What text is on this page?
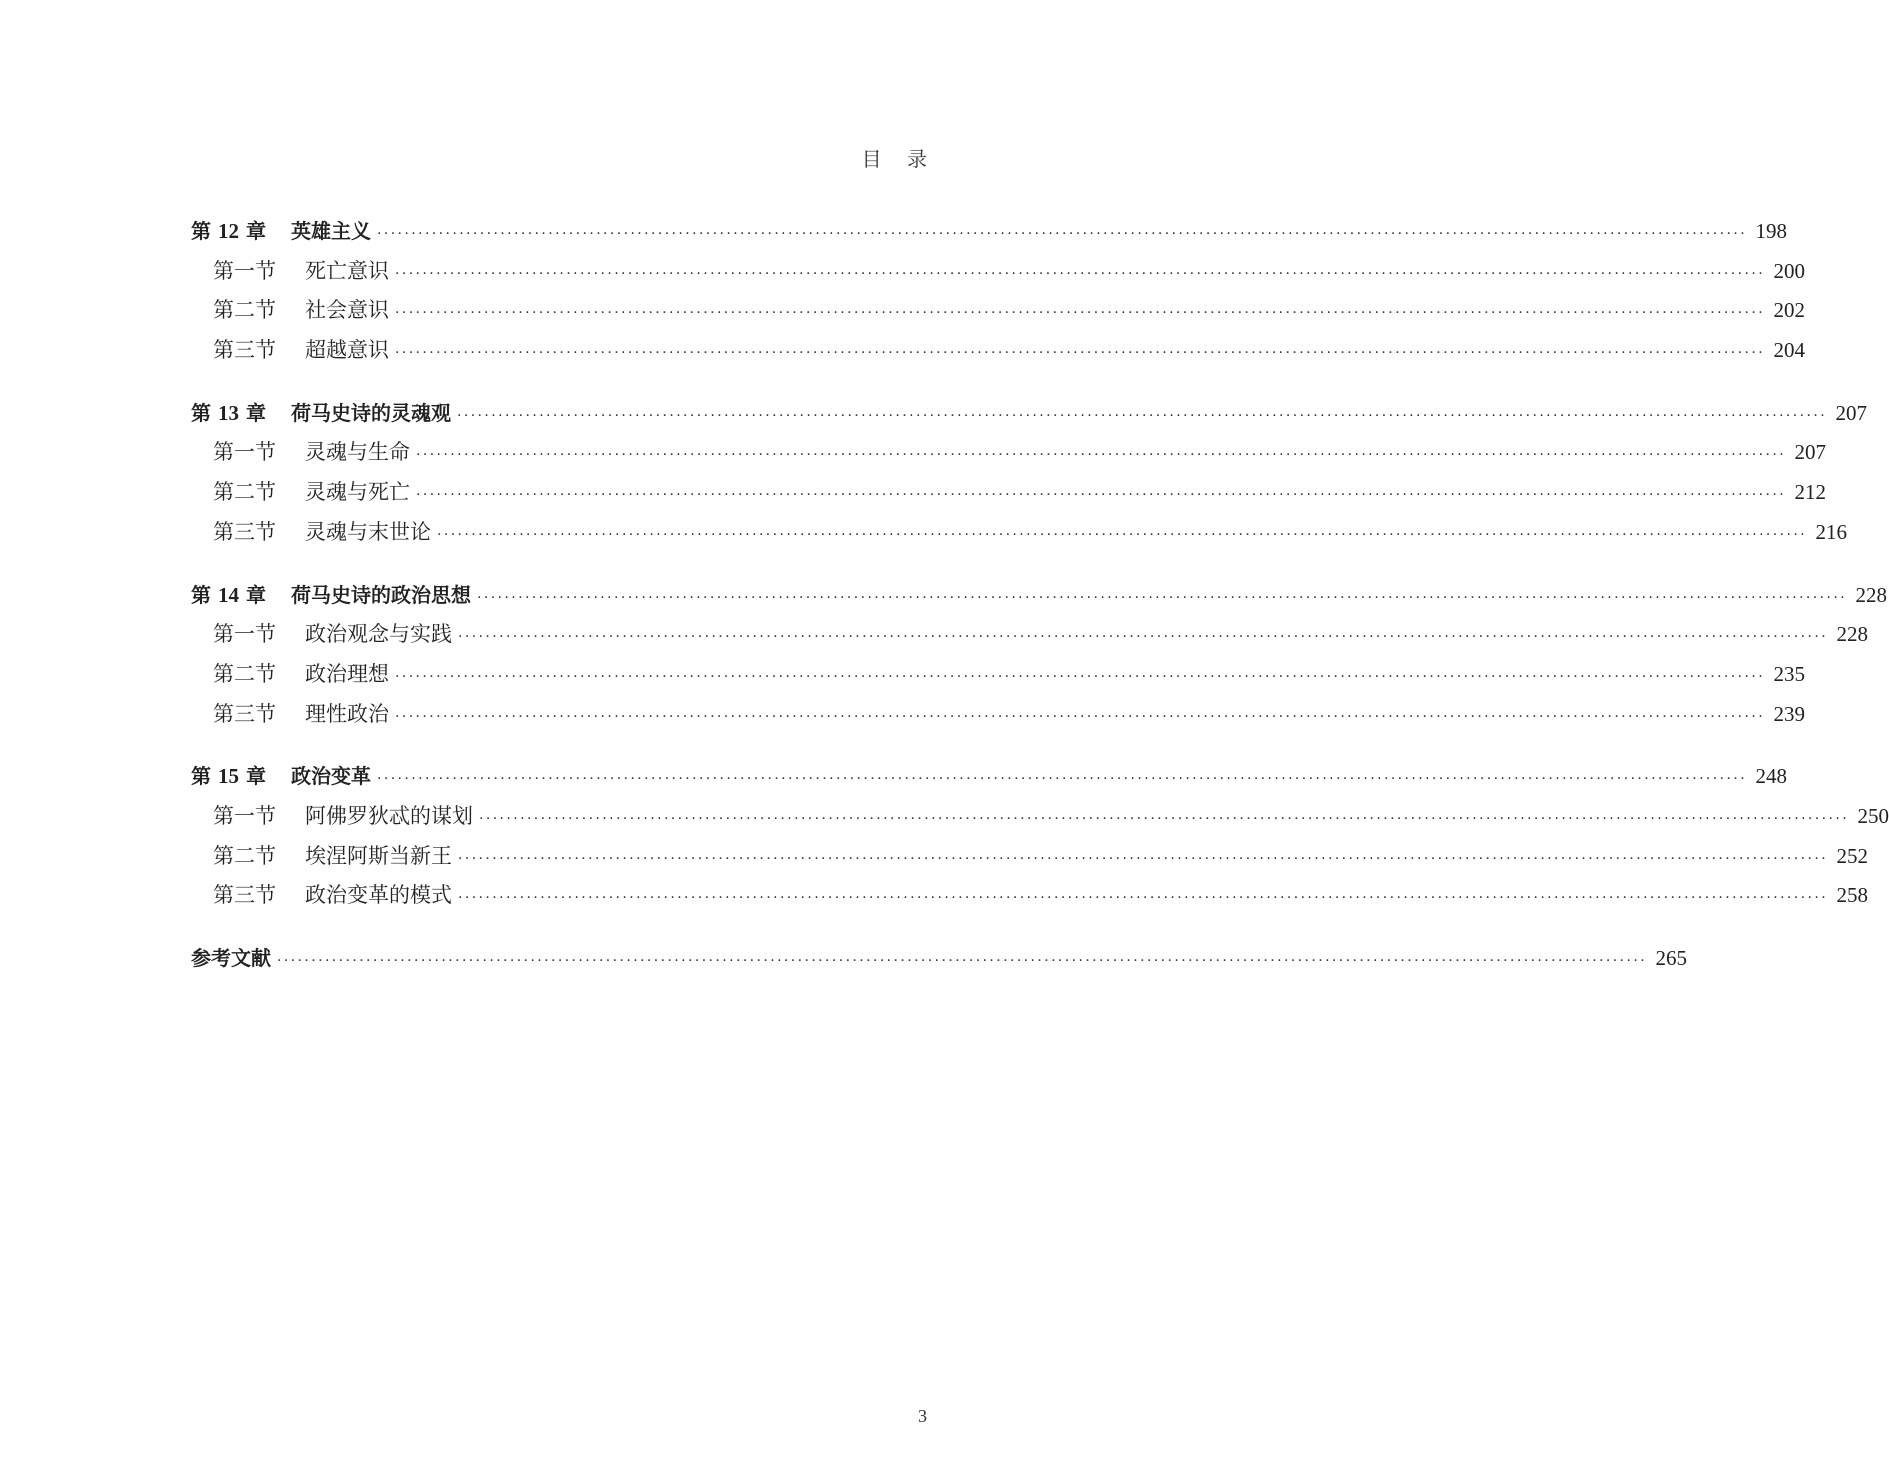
目    录
第 12 章 英雄主义 ········································································································································································································ 198
第一节 死亡意识 ········································································································································································································ 200
第二节 社会意识 ········································································································································································································ 202
第三节 超越意识 ········································································································································································································ 204
第 13 章 荷马史诗的灵魂观 ········································································································································································································ 207
第一节 灵魂与生命 ········································································································································································································ 207
第二节 灵魂与死亡 ········································································································································································································ 212
第三节 灵魂与末世论 ········································································································································································································ 216
第 14 章 荷马史诗的政治思想 ········································································································································································································ 228
第一节 政治观念与实践 ········································································································································································································ 228
第二节 政治理想 ········································································································································································································ 235
第三节 理性政治 ········································································································································································································ 239
第 15 章 政治变革 ········································································································································································································ 248
第一节 阿佛罗狄忒的谋划 ········································································································································································································ 250
第二节 埃涅阿斯当新王 ········································································································································································································ 252
第三节 政治变革的模式 ········································································································································································································ 258
参考文献 ········································································································································································································ 265
3
